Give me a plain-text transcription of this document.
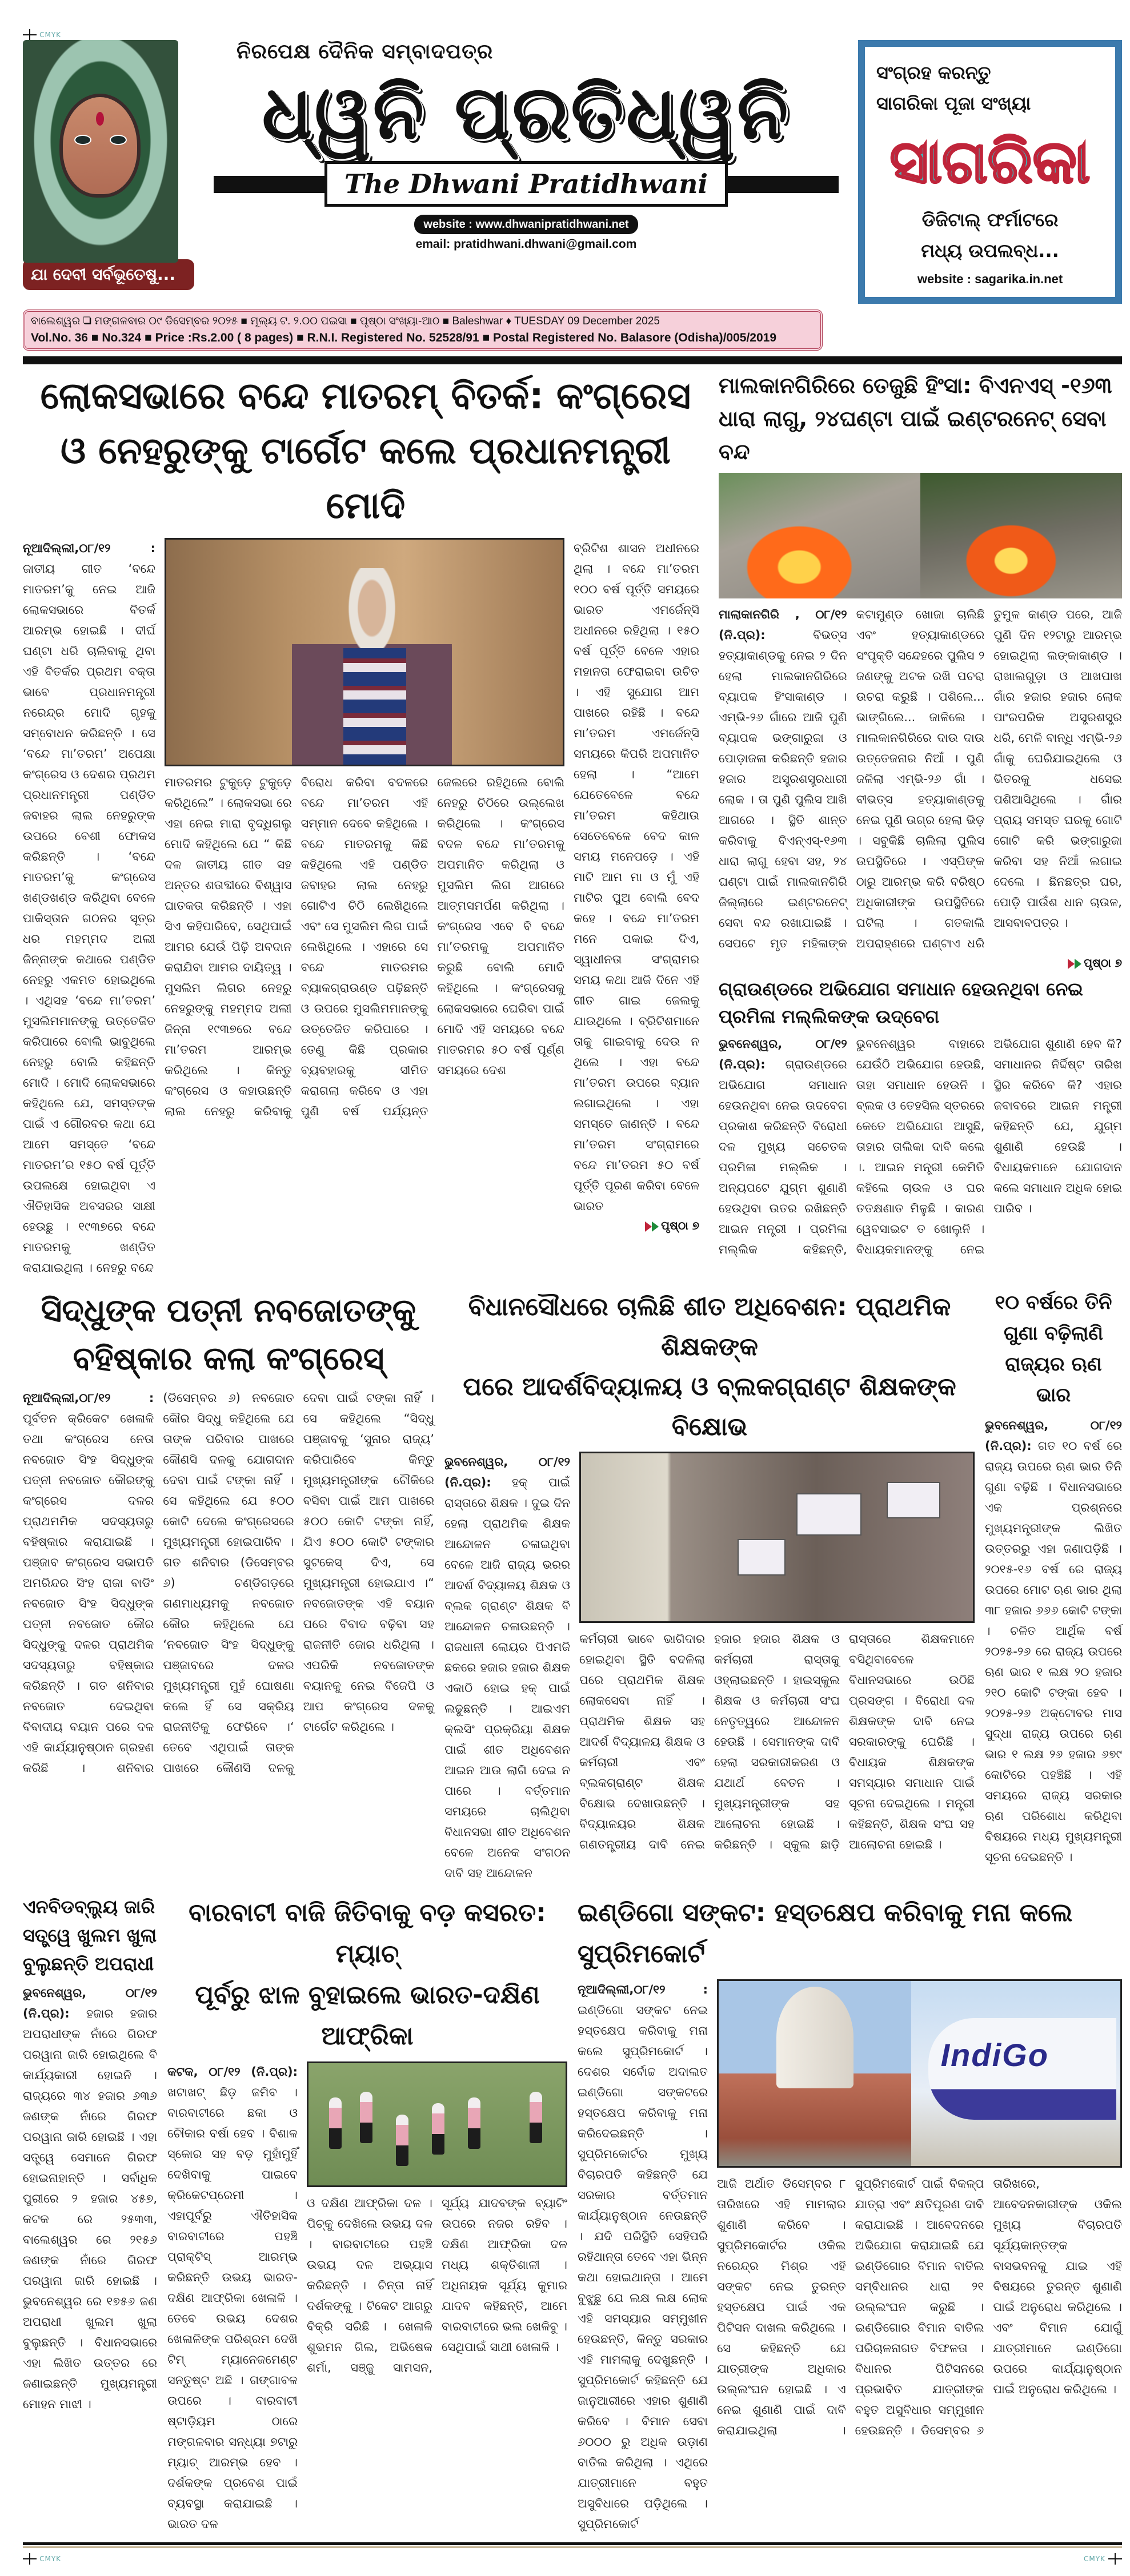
CMYK
ଯା ଦେବୀ ସର୍ବଭୂତେଷୁ...
ନିରପେକ୍ଷ ଦୈନିକ ସମ୍ବାଦପତ୍ର
ଧ୍ୱନି ପ୍ରତିଧ୍ୱନି
The Dhwani Pratidhwani
website : www.dhwanipratidhwani.net
email: pratidhwani.dhwani@gmail.com
ସଂଗ୍ରହ କରନ୍ତୁ
ସାଗରିକା ପୂଜା ସଂଖ୍ୟା
ସାଗରିକା
ଡିଜିଟାଲ୍ ଫର୍ମାଟରେ
ମଧ୍ୟ ଉପଲବ୍ଧ...
website : sagarika.in.net
ବାଲେଶ୍ୱର ❑ ମଙ୍ଗଳବାର ୦୯ ଡିସେମ୍ବର ୨୦୨୫ ■ ମୂଲ୍ୟ ଟ. ୨.୦୦ ପଇସା ■ ପୃଷ୍ଠା ସଂଖ୍ୟା-ଆଠ ■ Baleshwar ♦ TUESDAY 09 December 2025
Vol.No. 36 ■ No.324 ■ Price :Rs.2.00 ( 8 pages) ■ R.N.I. Registered No. 52528/91 ■ Postal Registered No. Balasore (Odisha)/005/2019
ଲୋକସଭାରେ ବନ୍ଦେ ମାତରମ୍ ବିତର୍କ: କଂଗ୍ରେସ
ଓ ନେହରୁଙ୍କୁ ଟାର୍ଗେଟ କଲେ ପ୍ରଧାନମନ୍ତ୍ରୀ ମୋଦି
ନୂଆଦିଲ୍ଲୀ,୦୮/୧୨ : ଜାତୀୟ ଗୀତ ‘ବନ୍ଦେ ମାତରମ’କୁ ନେଇ ଆଜି ଲୋକସଭାରେ ବିତର୍କ ଆରମ୍ଭ ହୋଇଛି । ଦୀର୍ଘ ଘଣ୍ଟା ଧରି ଚାଲିବାକୁ ଥିବା ଏହି ବିତର୍କର ପ୍ରଥମ ବକ୍ତା ଭାବେ ପ୍ରଧାନମନ୍ତ୍ରୀ ନରେନ୍ଦ୍ର ମୋଦି ଗୃହକୁ ସମ୍ବୋଧନ କରିଛନ୍ତି । ସେ ‘ବନ୍ଦେ ମା’ତରମ’ ଅପେକ୍ଷା କଂଗ୍ରେସ ଓ ଦେଶର ପ୍ରଥମ ପ୍ରଧାନମନ୍ତ୍ରୀ ପଣ୍ଡିତ ଜବାହର ଲାଲ ନେହରୁଙ୍କ ଉପରେ ବେଶୀ ଫୋକସ କରିଛନ୍ତି । ‘ବନ୍ଦେ ମାତରମ’କୁ କଂଗ୍ରେସ ଖଣ୍ଡଖଣ୍ଡ କରିଥିବା ବେଳେ ପାକିସ୍ତାନ ଗଠନର ସୂତ୍ର ଧର ମହମ୍ମଦ ଅଲୀ ଜିନ୍ନାଙ୍କ କଥାରେ ପଣ୍ଡିତ ନେହରୁ ଏକମତ ହୋଇଥିଲେ । ଏଥିସହ ‘ବନ୍ଦେ ମା’ତରମ’ ମୁସଲିମମାନଙ୍କୁ ଉତ୍ତେଜିତ କରିପାରେ ବୋଲି ଭାବୁଥିଲେ ନେହରୁ ବୋଲି କହିଛନ୍ତି ମୋଦି । ମୋଦି ଲୋକସଭାରେ କହିଥିଲେ ଯେ, ସମସ୍ତଙ୍କ ପାଇଁ ଏ ଗୌରବର କଥା ଯେ ଆମେ ସମସ୍ତେ ‘ବନ୍ଦେ ମାତରମ’ର ୧୫୦ ବର୍ଷ ପୂର୍ତ୍ତି ଉପଲକ୍ଷେ ହୋଇଥିବା ଏ ଐତିହାସିକ ଅବସରର ସାକ୍ଷୀ ହେଉଛୁ । ୧୯୩୭ରେ ବନ୍ଦେ ମାତରମକୁ ଖଣ୍ଡିତ କରାଯାଇଥିଲା । ନେହରୁ ବନ୍ଦେ
ମାତରମର ଟୁକୁଡ଼େ ଟୁକୁଡ଼େ କରିଥିଲେ” । ଲୋକସଭା ରେ ଏହା ନେଇ ମାରା ବୃଦ୍ଧିଗଲୁ ମୋଦି କହିଥିଲେ ଯେ “ କିଛି ଦଳ ଜାତୀୟ ଗୀତ ସହ ଅନ୍ତର ଶତାବ୍ଦୀରେ ବିଶ୍ୱାସ ଘାତକତା କରିଛନ୍ତି । ଏହା ସିଏ କହିପାରିବେ, ସେଥିପାଇଁ ଆମର ଯେଉଁ ପିଢ଼ି ଅବଦାନ କରାଯିବା ଆମର ଦାୟିତ୍ୱ । ମୁସଲିମ ଲିଗର ନେହରୁ ନେହରୁଙ୍କୁ ମହମ୍ମଦ ଅଲୀ ଜିନ୍ନା ୧୯୩୭ରେ ବନ୍ଦେ ମା’ତରମ ଆରମ୍ଭ କରିଥିଲେ । କିନ୍ତୁ କଂଗ୍ରେସ ଓ କହାଉଛନ୍ତି ଲାଲ ନେହରୁ କରିବାକୁ ବିରୋଧ କରିବା ବଦଳରେ ବନ୍ଦେ ମା’ତରମ ଏହି ସମ୍ମାନ ଦେବେ କହିଥିଲେ । ବନ୍ଦେ ମାତରମକୁ କିଛି କହିଥିଲେ ଏହି ପଣ୍ଡିତ ଜବାହର ଲାଲ ନେହରୁ ଗୋଟିଏ ଚିଠି ଲେଖିଥିଲେ ଏବଂ ସେ ମୁସଲିମ ଲିଗ ପାଇଁ ଲେଖିଥିଲେ । ଏହାରେ ସେ ବନ୍ଦେ ମାତରମର ବ୍ୟାକଗ୍ରାଉଣ୍ଡ ପଢ଼ିଛନ୍ତି ଓ ଉପରେ ମୁସଲିମମାନଙ୍କୁ ଉତ୍ତେଜିତ କରିପାରେ । ତେଣୁ କିଛି ପ୍ରକାର ବ୍ୟବହାରକୁ ସୀମିତ କରାଗଲା କରିବେ ଓ ଏହା ପୁଣି ବର୍ଷ ପର୍ଯ୍ୟନ୍ତ ଜେଲରେ ରହିଥିଲେ ବୋଲି ନେହରୁ ଚିଠିରେ ଉଲ୍ଲେଖ କରିଥିଲେ । କଂଗ୍ରେସ ବଦଳ ବନ୍ଦେ ମା’ତରମକୁ ଅପମାନିତ କରିଥିଲା ଓ ମୁସଲିମ ଲିଗ ଆଗରେ ଆତ୍ମସମର୍ପଣ କରିଥିଲା । କଂଗ୍ରେସ ଏବେ ବି ବନ୍ଦେ ମା’ତରମକୁ ଅପମାନିତ କରୁଛି ବୋଲି ମୋଦି କହିଥିଲେ । କଂଗ୍ରେସକୁ ଲୋକସଭାରେ ଘେରିବା ପାଇଁ ମୋଦି ଏହି ସମୟରେ ବନ୍ଦେ ମାତରମର ୫୦ ବର୍ଷ ପୂର୍ଣ୍ଣ ସମୟରେ ଦେଶ
ବ୍ରିଟିଶ ଶାସନ ଅଧୀନରେ ଥିଲା । ବନ୍ଦେ ମା’ତରମ ୧୦୦ ବର୍ଷ ପୂର୍ତ୍ତି ସମୟରେ ଭାରତ ଏମର୍ଜେନ୍ସି ଅଧୀନରେ ରହିଥିଲା । ୧୫୦ ବର୍ଷ ପୂର୍ତ୍ତି ବେଳେ ଏହାର ମହାନତା ଫେରାଇବା ଉଚିତ । ଏହି ସୁଯୋଗ ଆମ ପାଖରେ ରହିଛି । ବନ୍ଦେ ମା’ତରମ ଏମର୍ଜେନ୍ସି ସମୟରେ କିପରି ଅପମାନିତ ହେଲା । “ଆମେ ଯେତେବେଳେ ବନ୍ଦେ ମା’ତରମ କହିଥାଉ ସେତେବେଳେ ବେଦ କାଳ ସମୟ ମନେପଡ଼େ । ଏହି ମାଟି ଆମ ମା ଓ ମୁଁ ଏହି ମାଟିର ପୁଅ ବୋଲି ବେଦ କହେ । ବନ୍ଦେ ମା’ତରମ ମନେ ପକାଇ ଦିଏ, ସ୍ୱାଧୀନତା ସଂଗ୍ରାମର ସମୟ କଥା ଆଜି ଦିନେ ଏହି ଗୀତ ଗାଇ ଜେଲକୁ ଯାଉଥିଲେ । ବ୍ରିଟିଶମାନେ ତାକୁ ଗାଇବାକୁ ଦେଉ ନ ଥିଲେ । ଏହା ବନ୍ଦେ ମା’ତରମ ଉପରେ ବ୍ୟାନ ଲଗାଇଥିଲେ । ଏହା ସମସ୍ତେ ଜାଣନ୍ତି । ବନ୍ଦେ ମା’ତରମ ସଂଗ୍ରାମରେ ବନ୍ଦେ ମା’ତରମ ୫୦ ବର୍ଷ ପୂର୍ତ୍ତି ପୂରଣ କରିବା ବେଳେ ଭାରତ
ପୃଷ୍ଠା ୭
ମାଲକାନଗିରିରେ ତେଜୁଛି ହିଂସା: ବିଏନଏସ୍ -୧୬୩
ଧାରା ଲାଗୁ, ୨୪ଘଣ୍ଟା ପାଇଁ ଇଣ୍ଟରନେଟ୍ ସେବା ବନ୍ଦ
ମାଲାକାନଗିରି , ୦୮/୧୨ (ନି.ପ୍ର):	ବିଭତ୍ସ ହତ୍ୟାକାଣ୍ଡକୁ ନେଇ ୨ ଦିନ ହେଲା ମାଲକାନଗିରିରେ ବ୍ୟାପକ ହିଂସାକାଣ୍ଡ । ଏମ୍ଭି-୨୬ ଗାଁରେ ଆଜି ପୁଣି ବ୍ୟାପକ ଭଙ୍ଗାରୁଜା ଓ ପୋଡ଼ାଜଳା କରିଛନ୍ତି ହଜାର ହଜାର ଅସ୍ତ୍ରଶସ୍ତ୍ରଧାରୀ ଲୋକ । ତା ପୁଣି ପୁଲିସ ଆଖି ଆଗରେ । ସ୍ଥିତି ଶାନ୍ତ କରିବାକୁ ବିଏନ୍ଏସ୍-୧୬୩ ଧାରା ଲାଗୁ ହେବା ସହ, ୨୪ ଘଣ୍ଟା ପାଇଁ ମାଲକାନଗିରି ଜିଲ୍ଲାରେ ଇଣ୍ଟରନେଟ୍ ସେବା ବନ୍ଦ ରଖାଯାଇଛି । ସେପଟେ ମୃତ ମହିଳାଙ୍କ କଟାମୁଣ୍ଡ ଖୋଜା ଚାଲିଛି ଏବଂ ହତ୍ୟାକାଣ୍ଡରେ ସଂପୃକ୍ତି ସନ୍ଦେହରେ ପୁଲିସ ୨ ଜଣଙ୍କୁ ଅଟକ ରଖି ପଚରା ଉଚରା କରୁଛି । ପଶିଲେ... ଭାଙ୍ଗିଲେ... ଜାଳିଲେ । ମାଲକାନଗିରିରେ ଦାଉ ଦାଉ ଉତ୍ତେଜନାର ନିଆଁ । ପୁଣି ଜଳିଲା ଏମ୍ଭି-୨୬ ଗାଁ । ବୀଭତ୍ସ ହତ୍ୟାକାଣ୍ଡକୁ ନେଇ ପୁଣି ଉଗ୍ର ହେଲା ଭିଡ଼ । ସବୁକିଛି ଚାଲିଲା ପୁଲିସ ଉପସ୍ଥିତିରେ । ଏସ୍‌ପିଙ୍କ ଠାରୁ ଆରମ୍ଭ କରି ବରିଷ୍ଠ ଅଧିକାରୀଙ୍କ ଉପସ୍ଥିତିରେ ଘଟିଲା । ଗତକାଲି ଅପରାହ୍ଣରେ ଘଣ୍ଟାଏ ଧରି ତୁମୁଳ କାଣ୍ଡ ପରେ, ଆଜି ପୁଣି ଦିନ ୧୨ଟାରୁ ଆରମ୍ଭ ହୋଇଥିଲା ଲଙ୍କାକାଣ୍ଡ । ରାଖାଲଗୁଡ଼ା ଓ ଆଖପାଖ ଗାଁର ହଜାର ହଜାର ଲୋକ ପାଂରପରିକ ଅସ୍ତ୍ରଶସ୍ତ୍ର ଧରି, ମେଳି ବାନ୍ଧି ଏମ୍ଭି-୨୬ ଗାଁକୁ ଘେରିଯାଇଥିଲେ ଓ ଭିତରକୁ ଧସେଇ ପଶିଆସିଥିଲେ । ଗାଁର ପ୍ରାୟ ସମସ୍ତ ଘରକୁ ଗୋଟି ଗୋଟି କରି ଭଙ୍ଗାରୁଜା କରିବା ସହ ନିଆଁ ଲଗାଇ ଦେଲେ । ଛିନଛତ୍ର ଘର, ପୋଡ଼ି ପାଉଁଶ ଧାନ ଚାଉଳ, ଆସବାବପତ୍ର ।
ପୃଷ୍ଠା ୭
ଗ୍ରାଉଣ୍ଡରେ ଅଭିଯୋଗ ସମାଧାନ ହେଉନଥିବା ନେଇ ପ୍ରମିଳା ମଲ୍ଲିକଙ୍କ ଉଦ୍‌ବେଗ
ଭୁବନେଶ୍ୱର, ୦୮/୧୨ (ନି.ପ୍ର): ଗ୍ରାଉଣ୍ଡରେ ଅଭିଯୋଗ ସମାଧାନ ହେଉନଥିବା ନେଇ ଉଦବେଗ ପ୍ରକାଶ କରିଛନ୍ତି ବିରୋଧୀ ଦଳ ମୁଖ୍ୟ ସଚେତକ ପ୍ରମିଳା ମଲ୍ଲିକ । ଅନ୍ୟପଟେ ଯୁଗ୍ମ ଶୁଣାଣି ହେଉଥିବା ଉତର ରଖିଛନ୍ତି ଆଇନ ମନ୍ତ୍ରୀ । ପ୍ରମିଳା ମଲ୍ଲିକ କହିଛନ୍ତି, ଭୁବନେଶ୍ୱର ବାହାରେ ଯେଉଁଠି ଅଭିଯୋଗ ହେଉଛି, ତାହା ସମାଧାନ ହେଉନି । ବ୍ଲକ ଓ ତେହସିଲ ସ୍ତରରେ କେତେ ଅଭିଯୋଗ ଆସୁଛି, ତାହାର ତାଲିକା ଦାବି କଲେ ।. ଆଇନ ମନ୍ତ୍ରୀ କେମିତି କହିଲେ ଚାଉଳ ଓ ଘର ତତକ୍ଷଣାତ ମିଳୁଛି । କାରଣ ୱେବସାଇଟ ତ ଖୋଲୁନି । ବିଧାୟକମାନଙ୍କୁ ନେଇ ଅଭିଯୋଗ ଶୁଣାଣି ହେବ କି? ସମାଧାନର ନିର୍ଦ୍ଦିଷ୍ଟ ତାରିଖ ସ୍ଥିର କରିବେ କି? ଏହାର ଜବାବରେ ଆଇନ ମନ୍ତ୍ରୀ କହିଛନ୍ତି ଯେ, ଯୁଗ୍ମ ଶୁଣାଣି ହେଉଛି । ବିଧାୟକମାନେ ଯୋଗଦାନ କଲେ ସମାଧାନ ଅଧିକ ହୋଇ ପାରିବ ।
ସିଦ୍ଧୁଙ୍କ ପତ୍ନୀ ନବଜୋତଙ୍କୁ
ବହିଷ୍କାର କଲା କଂଗ୍ରେସ୍
ନୂଆଦିଲ୍ଲୀ,୦୮/୧୨ : ପୂର୍ବତନ କ୍ରିକେଟ ଖେଳାଳି ତଥା କଂଗ୍ରେସ ନେତା ନବଜୋତ ସିଂହ ସିଦ୍ଧୁଙ୍କ ପତ୍ନୀ ନବଜୋତ କୌରଙ୍କୁ କଂଗ୍ରେସ ଦଳର ପ୍ରାଥମମିକ ସଦସ୍ୟତାରୁ ବହିଷ୍କାର କରାଯାଇଛି । ପଞ୍ଜାବ କଂଗ୍ରେସ ସଭାପତି ଅମରିନ୍ଦର ସିଂହ ରାଜା ବାଡିଂ ନବଜୋତ ସିଂହ ସିଦ୍ଧୁଙ୍କ ପତ୍ନୀ ନବଜୋତ କୌର ସିଦ୍ଧୁଙ୍କୁ ଦଳର ପ୍ରାଥମିକ ସଦସ୍ୟତାରୁ ବହିଷ୍କାର କରିଛନ୍ତି । ଗତ ଶନିବାର ନବଜୋତ ଦେଇଥିବା ବିବାଦୀୟ ବୟାନ ପରେ ଦଳ ଏହି କାର୍ଯ୍ୟାନୁଷ୍ଠାନ ଗ୍ରହଣ କରିଛି । ଶନିବାର (ଡିସେମ୍ବର ୬) ନବଜୋତ କୌର ସିଦ୍ଧୁ କହିଥିଲେ ଯେ ତାଙ୍କ ପରିବାର ପାଖରେ କୌଣସି ଦଳକୁ ଯୋଗଦାନ ଦେବା ପାଇଁ ଟଙ୍କା ନାହିଁ । ସେ କହିଥିଲେ ଯେ ୫୦୦ କୋଟି ଦେଲେ କଂଗ୍ରେସରେ ମୁଖ୍ୟମନ୍ତ୍ରୀ ହୋଇପାରିବ । ଗତ ଶନିବାର (ଡିସେମ୍ବର ୬) ଚଣ୍ଡିଗଡ଼ରେ ଗଣମାଧ୍ୟମକୁ ନବଜୋତ କୌର କହିଥିଲେ ଯେ ‘ନବଜୋତ ସିଂହ ସିଦ୍ଧୁଙ୍କୁ ପଞ୍ଜାବରେ ଦଳର ମୁଖ୍ୟମନ୍ତ୍ରୀ ମୁହଁ ଘୋଷଣା କଲେ ହିଁ ସେ ସକ୍ରିୟ ରାଜନୀତିକୁ ଫେରିବେ ।‘ ତେବେ ଏଥିପାଇଁ ତାଙ୍କ ପାଖରେ କୌଣସି ଦଳକୁ ଦେବା ପାଇଁ ଟଙ୍କା ନାହିଁ । ସେ କହିଥିଲେ “ସିଦ୍ଧୁ ପଞ୍ଜାବକୁ ‘ସୁନାର ରାଜ୍ୟ’ କରିପାରିବେ କିନ୍ତୁ ମୁଖ୍ୟମନ୍ତ୍ରୀଙ୍କ ଚୌକିରେ ବସିବା ପାଇଁ ଆମ ପାଖରେ ୫୦୦ କୋଟି ଟଙ୍କା ନାହିଁ, ଯିଏ ୫୦୦ କୋଟି ଟଙ୍କାର ସୁଟକେସ୍ ଦିଏ, ସେ ମୁଖ୍ୟମନ୍ତ୍ରୀ ହୋଇଯାଏ ।“ ନବଜୋତଙ୍କ ଏହି ବୟାନ ପରେ ବିବାଦ ବଢ଼ିବା ସହ ରାଜନୀତି ଜୋର ଧରିଥିଲା । ଏପରିକି ନବଜୋତଙ୍କ ବୟାନକୁ ନେଇ ବିଜେପି ଓ ଆପ କଂଗ୍ରେସ ଦଳକୁ ଟାର୍ଗେଟ କରିଥିଲେ ।
ବିଧାନସୌଧରେ ଚାଲିଛି ଶୀତ ଅଧିବେଶନ: ପ୍ରାଥମିକ ଶିକ୍ଷକଙ୍କ
ପରେ ଆଦର୍ଶବିଦ୍ୟାଳୟ ଓ ବ୍ଲକଗ୍ରାଣ୍ଟ ଶିକ୍ଷକଙ୍କ ବିକ୍ଷୋଭ
ଭୁବନେଶ୍ୱର, ୦୮/୧୨ (ନି.ପ୍ର): ହକ୍ ପାଇଁ ରାସ୍ତାରେ ଶିକ୍ଷକ । ଦୁଇ ଦିନ ହେଲା ପ୍ରାଥମିକ ଶିକ୍ଷକ ଆନ୍ଦୋଳନ ଚଳାଇଥିବା ବେଳେ ଆଜି ରାଜ୍ୟ ଭରର ଆଦର୍ଶ ବିଦ୍ୟାଳୟ ଶିକ୍ଷକ ଓ ବ୍ଲକ ଗ୍ରାଣ୍ଟ ଶିକ୍ଷକ ବି ଆନ୍ଦୋଳନ ଚଳାଉଛନ୍ତି । ରାଜଧାନୀ ଲୋୟର ପିଏମଜି ଛକରେ ହଜାର ହଜାର ଶିକ୍ଷକ ଏକାଠି ହୋଇ ହକ୍ ପାଇଁ ଲଢୁଛନ୍ତି । ଆଇଏମ କ୍ଲସିଂ ପ୍ରକ୍ରିୟା ଶିକ୍ଷକ ପାଇଁ ଶୀତ ଅଧିବେଶନ ଆଇନ ଆଉ ଲାଗି ଦେଇ ନ ପାରେ । ବର୍ତ୍ତମାନ ସମୟରେ ଚାଲିଥିବା ବିଧାନସଭା ଶୀତ ଅଧିବେଶନ ବେଳେ ଅନେକ ସଂଗଠନ ଦାବି ସହ ଆନ୍ଦୋଳନ
କର୍ମଚାରୀ ଭାବେ ଭାଗିଦାର ହୋଇଥିବା ସ୍ଥିତି ବଦଳିଲା ପରେ ପ୍ରାଥମିକ ଶିକ୍ଷକ ଲୋକସେବା ନାହିଁ । ପ୍ରାଥମିକ ଶିକ୍ଷକ ସହ ଆଦର୍ଶ ବିଦ୍ୟାଳୟ ଶିକ୍ଷକ ଓ କର୍ମଚାରୀ ଏବଂ ବ୍ଲକଗ୍ରାଣ୍ଟ ଶିକ୍ଷକ ବିକ୍ଷୋଭ ଦେଖାଉଛନ୍ତି । ବିଦ୍ୟାଳୟର ଶିକ୍ଷକ ଗଣତନ୍ତ୍ରୀୟ ଦାବି ନେଇ ହଜାର ହଜାର ଶିକ୍ଷକ ଓ କର୍ମଚାରୀ ରାସ୍ତାକୁ ଓହ୍ଲାଇଛନ୍ତି । ହାଇସ୍କୁଲ ଶିକ୍ଷକ ଓ କର୍ମଚାରୀ ସଂଘ ନେତୃତ୍ୱରେ ଆନ୍ଦୋଳନ ହେଉଛି । ସେମାନଙ୍କ ଦାବି ହେଲା ସରକାରୀକରଣ ଓ ଯଥାର୍ଥ ବେତନ । ମୁଖ୍ୟମନ୍ତ୍ରୀଙ୍କ ସହ ଆଲୋଚନା ହୋଇଛି । କରିଛନ୍ତି । ସ୍କୁଲ ଛାଡ଼ି ରାସ୍ତାରେ ଶିକ୍ଷକମାନେ ବସିଥିବାବେଳେ ବିଧାନସଭାରେ ଉଠିଛି ପ୍ରସଙ୍ଗ । ବିରୋଧୀ ଦଳ ଶିକ୍ଷକଙ୍କ ଦାବି ନେଇ ସରକାରଙ୍କୁ ଘେରିଛି । ବିଧାୟକ ଶିକ୍ଷକଙ୍କ ସମସ୍ୟାର ସମାଧାନ ପାଇଁ ସୂଚନା ଦେଇଥିଲେ । ମନ୍ତ୍ରୀ କହିଛନ୍ତି, ଶିକ୍ଷକ ସଂଘ ସହ ଆଲୋଚନା ହୋଇଛି ।
୧୦ ବର୍ଷରେ ତିନି
ଗୁଣା ବଢ଼ିଲାଣି
ରାଜ୍ୟର ଋଣ ଭାର
ଭୁବନେଶ୍ୱର, ୦୮/୧୨ (ନି.ପ୍ର): ଗତ ୧୦ ବର୍ଷ ରେ ରାଜ୍ୟ ଉପରେ ଋଣ ଭାର ତିନି ଗୁଣା ବଢ଼ିଛି । ବିଧାନସଭାରେ ଏକ ପ୍ରଶ୍ନରେ ମୁଖ୍ୟମନ୍ତ୍ରୀଙ୍କ ଲିଖିତ ଉତ୍ତରରୁ ଏହା ଜଣାପଡ଼ିଛି । ୨୦୧୫-୧୬ ବର୍ଷ ରେ ରାଜ୍ୟ ଉପରେ ମୋଟ ଋଣ ଭାର ଥିଲା ୩୮ ହଜାର ୬୬୬ କୋଟି ଟଙ୍କା । ଚଳିତ ଆର୍ଥିକ ବର୍ଷ ୨୦୨୫-୨୬ ରେ ରାଜ୍ୟ ଉପରେ ଋଣ ଭାର ୧ ଲକ୍ଷ ୨୦ ହଜାର ୨୧୦ କୋଟି ଟଙ୍କା ହେବ । ୨୦୨୫-୨୬ ଅକ୍ଟୋବର ମାସ ସୁଦ୍ଧା ରାଜ୍ୟ ଉପରେ ଋଣ ଭାର ୧ ଲକ୍ଷ ୨୬ ହଜାର ୬୭୯ କୋଟିରେ ପହଞ୍ଚିଛି । ଏହି ସମୟରେ ରାଜ୍ୟ ସରକାର ଋଣ ପରିଶୋଧ କରିଥିବା ବିଷୟରେ ମଧ୍ୟ ମୁଖ୍ୟମନ୍ତ୍ରୀ ସୂଚନା ଦେଇଛନ୍ତି ।
ଏନବିଡବ୍ଲ୍ୟୁ ଜାରି
ସତ୍ତ୍ୱେ ଖୁଲମ ଖୁଲା
ବୁଲୁଛନ୍ତି ଅପରାଧୀ
ଭୁବନେଶ୍ୱର, ୦୮/୧୨ (ନି.ପ୍ର): ହଜାର ହଜାର ଅପରାଧୀଙ୍କ ନାଁରେ ଗିରଫ ପରୱାନା ଜାରି ହୋଇଥିଲେ ବି କାର୍ଯ୍ୟକାରୀ ହୋଇନି । ରାଜ୍ୟରେ ୩୪ ହଜାର ୬୩୬ ଜଣଙ୍କ ନାଁରେ ଗିରଫ ପରୱାନା ଜାରି ହୋଇଛି । ଏହା ସତ୍ତ୍ୱେ ସେମାନେ ଗିରଫ ହୋଇନାହାନ୍ତି । ସର୍ବାଧିକ ପୁରୀରେ ୨ ହଜାର ୪୫୭, କଟକ ରେ ୨୫୩୩, ବାଲେଶ୍ୱର ରେ ୨୧୫୬ ଜଣଙ୍କ ନାଁରେ ଗିରଫ ପରୱାନା ଜାରି ହୋଇଛି । ଭୁବନେଶ୍ୱର ରେ ୧୭୫୬ ଜଣ ଅପରାଧୀ ଖୁଲମ ଖୁଲା ବୁଲୁଛନ୍ତି । ବିଧାନସଭାରେ ଏହା ଲିଖିତ ଉତ୍ତର ରେ ଜଣାଇଛନ୍ତି ମୁଖ୍ୟମନ୍ତ୍ରୀ ମୋହନ ମାଝୀ ।
ବାରବାଟୀ ବାଜି ଜିତିବାକୁ ବଡ଼ କସରତ: ମ୍ୟାଚ୍
ପୂର୍ବରୁ ଝାଳ ବୁହାଇଲେ ଭାରତ-ଦକ୍ଷିଣ ଆଫ୍ରିକା
କଟକ, ୦୮/୧୨ (ନି.ପ୍ର): ଖଟାଖଟ୍ ଛିଡ଼ ଜମିବ । ବାରବାଟୀରେ ଛକା ଓ ଚୌକାର ବର୍ଷା ହେବ । ବିଶାଳ ସ୍କୋର ସହ ବଡ଼ ମୁହାଁମୁହିଁ ଦେଖିବାକୁ ପାଇବେ କ୍ରିକେଟପ୍ରେମୀ । ଏହାପୂର୍ବରୁ ଐତିହାସିକ ବାରବାଟୀରେ ପହଞ୍ଚି ପ୍ରାକ୍ଟିସ୍ ଆରମ୍ଭ କରିଛନ୍ତି ଉଭୟ ଭାରତ-ଦକ୍ଷିଣ ଆଫ୍ରିକା ଖେଳାଳି । ତେବେ ଉଭୟ ଦେଶର ଖେଳାଳିଙ୍କ ପରିଶ୍ରମ ଦେଖି ଟିମ୍ ମ୍ୟାନେଜମେଣ୍ଟ ସନ୍ତୁଷ୍ଟ ଅଛି । ଗଙ୍ଗାବଳ ଉପରେ । ବାରବାଟୀ ଷ୍ଟାଡ଼ିୟମ ଠାରେ ମଙ୍ଗଳବାର ସନ୍ଧ୍ୟା ୭ଟାରୁ ମ୍ୟାଚ୍ ଆରମ୍ଭ ହେବ । ଦର୍ଶକଙ୍କ ପ୍ରବେଶ ପାଇଁ ବ୍ୟବସ୍ଥା କରାଯାଇଛି । ଭାରତ ଦଳ
ଓ ଦକ୍ଷିଣ ଆଫ୍ରିକା ଦଳ । ପିଚ୍‌କୁ ଦେଖିଲେ ଉଭୟ ଦଳ । ବାରବାଟୀରେ ପହଞ୍ଚି ଉଭୟ ଦଳ ଅଭ୍ୟାସ କରିଛନ୍ତି । ଚିନ୍ତା ନାହିଁ ଦର୍ଶକଙ୍କୁ । ଟିକେଟ ଆଗରୁ ବିକ୍ରି ସରିଛି । ଖେଳାଳି ଶୁଭମନ ଗିଲ, ଅଭିଷେକ ଶର୍ମା, ସଞ୍ଜୁ ସାମସନ, ସୂର୍ଯ୍ୟ ଯାଦବଙ୍କ ବ୍ୟାଟିଂ ଉପରେ ନଜର ରହିବ । ଦକ୍ଷିଣ ଆଫ୍ରିକା ଦଳ ମଧ୍ୟ ଶକ୍ତିଶାଳୀ । ଅଧିନାୟକ ସୂର୍ଯ୍ୟ କୁମାର ଯାଦବ କହିଛନ୍ତି, ଆମେ ବାରବାଟୀରେ ଭଲ ଖେଳିବୁ । ସେଥିପାଇଁ ସାଥୀ ଖେଳାଳି ।
ଇଣ୍ଡିଗୋ ସଙ୍କଟ: ହସ୍ତକ୍ଷେପ କରିବାକୁ ମନା କଲେ ସୁପ୍ରିମକୋର୍ଟ
ନୂଆଦିଲ୍ଲୀ,୦୮/୧୨ : ଇଣ୍ଡିଗୋ ସଙ୍କଟ ନେଇ ହସ୍ତକ୍ଷେପ କରିବାକୁ ମନା କଲେ ସୁପ୍ରିମକୋର୍ଟ । ଦେଶର ସର୍ବୋଚ୍ଚ ଅଦାଲତ ଇଣ୍ଡିଗୋ ସଙ୍କଟରେ ହସ୍ତକ୍ଷେପ କରିବାକୁ ମନା କରିଦେଇଛନ୍ତି । ସୁପ୍ରିମକୋର୍ଟର ମୁଖ୍ୟ ବିଚାରପତି କହିଛନ୍ତି ଯେ ସରକାର ବର୍ତ୍ତମାନ କାର୍ଯ୍ୟାନୁଷ୍ଠାନ ନେଉଛନ୍ତି । ଯଦି ପରିସ୍ଥିତି ସେହିପରି ରହିଥାନ୍ତା ତେବେ ଏହା ଭିନ୍ନ କଥା ହୋଇଥାନ୍ତା । ଆମେ ବୁଝୁଛୁ ଯେ ଲକ୍ଷ ଲକ୍ଷ ଲୋକ ଏହି ସମସ୍ୟାର ସମ୍ମୁଖୀନ ହେଉଛନ୍ତି, କିନ୍ତୁ ସରକାର ଏହି ମାମଲାକୁ ଦେଖୁଛନ୍ତି । ସୁପ୍ରିମକୋର୍ଟ କହିଛନ୍ତି ଯେ ଜାନୁଆରୀରେ ଏହାର ଶୁଣାଣି କରିବେ । ବିମାନ ସେବା ୬୦୦୦ ରୁ ଅଧିକ ଉଡ଼ାଣ ବାତିଲ କରିଥିଲା । ଏଥିରେ ଯାତ୍ରୀମାନେ ବହୁତ ଅସୁବିଧାରେ ପଡ଼ିଥିଲେ । ସୁପ୍ରିମକୋର୍ଟ
IndiGo
ଆଜି ଅର୍ଥାତ ଡିସେମ୍ବର ୮ ତାରିଖରେ ଏହି ମାମଲାର ଶୁଣାଣି କରିବେ । ସୁପ୍ରିମକୋର୍ଟର ଓକିଲ ନରେନ୍ଦ୍ର ମିଶ୍ର ଏହି ସଙ୍କଟ ନେଇ ତୁରନ୍ତ ହସ୍ତକ୍ଷେପ ପାଇଁ ଏକ ପିଟିସନ ଦାଖଲ କରିଥିଲେ । ସେ କହିଛନ୍ତି ଯେ ଯାତ୍ରୀଙ୍କ ଅଧିକାର ଉଲ୍ଲଂଘନ ହୋଇଛି । ଏ ନେଇ ଶୁଣାଣି ପାଇଁ ଦାବି କରାଯାଇଥିଲା । ସୁପ୍ରିମକୋର୍ଟ ପାଇଁ ବିକଳ୍ପ ଯାତ୍ରା ଏବଂ କ୍ଷତିପୂରଣ ଦାବି କରାଯାଇଛି । ଆବେଦନରେ ଅଭିଯୋଗ କରାଯାଇଛି ଯେ ଇଣ୍ଡିଗୋର ବିମାନ ବାତିଲ ସମ୍ବିଧାନର ଧାରା ୨୧ ଉଲ୍ଲଂଘନ କରୁଛି । ଇଣ୍ଡିଗୋର ବିମାନ ବାତିଲ ପରିଚାଳନାଗତ ବିଫଳତା । ବିଧାନର ପିଟିସନରେ ପ୍ରଭାବିତ ଯାତ୍ରୀଙ୍କ ବହୁତ ଅସୁବିଧାର ସମ୍ମୁଖୀନ ହେଉଛନ୍ତି । ଡିସେମ୍ବର ୬ ତାରିଖରେ, ଆବେଦନକାରୀଙ୍କ ଓକିଲ ମୁଖ୍ୟ ବିଚାରପତି ସୂର୍ଯ୍ୟକାନ୍ତଙ୍କ ବାସଭବନକୁ ଯାଇ ଏହି ବିଷୟରେ ତୁରନ୍ତ ଶୁଣାଣି ପାଇଁ ଅନୁରୋଧ କରିଥିଲେ । ଏବଂ ବିମାନ ଯୋଗୁଁ ଯାତ୍ରୀମାନେ ଇଣ୍ଡିଗୋ ଉପରେ କାର୍ଯ୍ୟାନୁଷ୍ଠାନ ପାଇଁ ଅନୁରୋଧ କରିଥିଲେ ।
CMYK	CMYK
